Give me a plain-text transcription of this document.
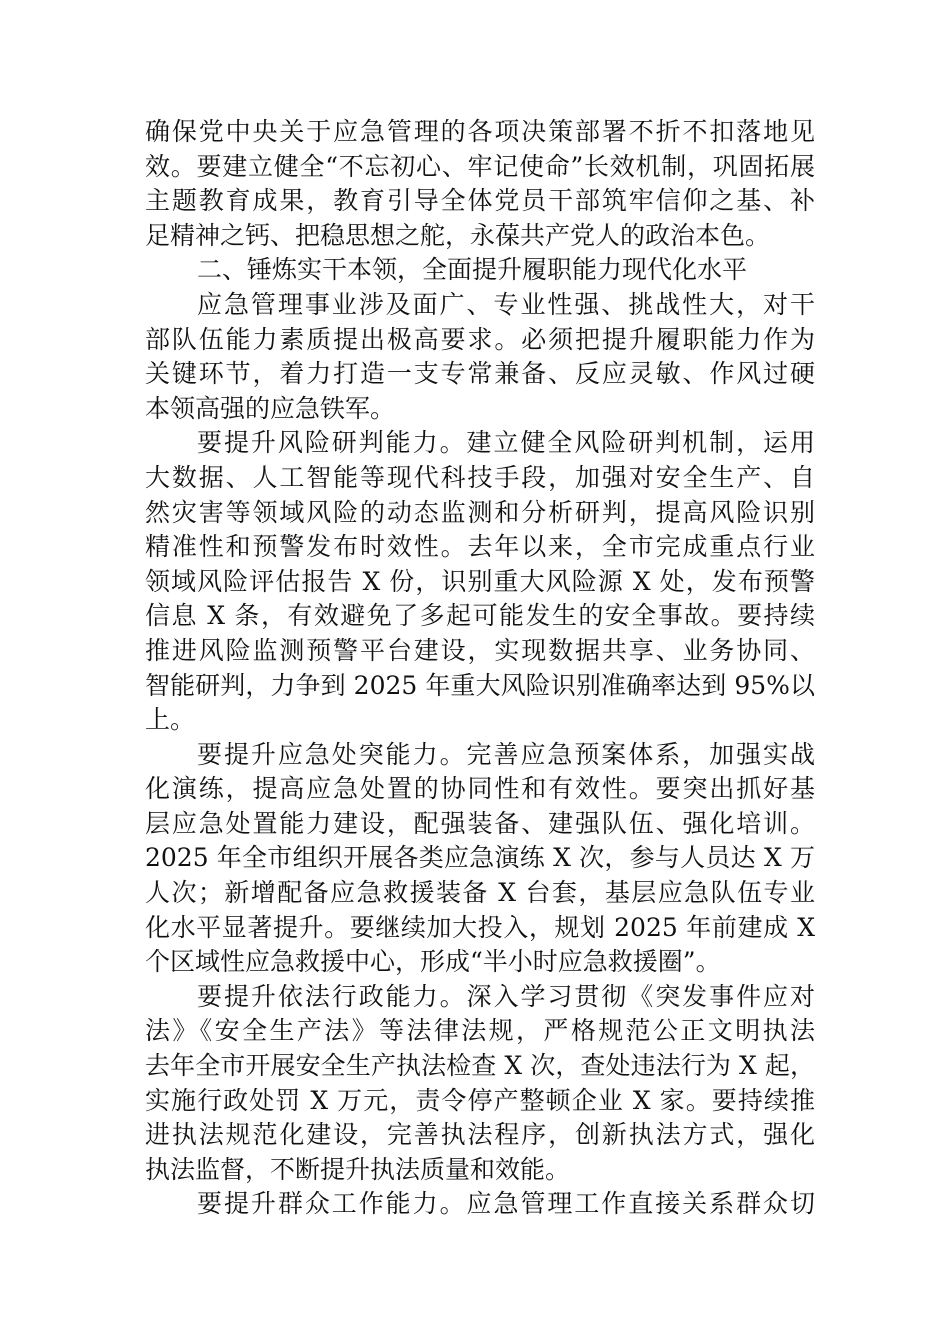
确保党中央关于应急管理的各项决策部署不折不扣落地见
效。要建立健全“不忘初心、牢记使命”长效机制，巩固拓展
主题教育成果，教育引导全体党员干部筑牢信仰之基、补
足精神之钙、把稳思想之舵，永葆共产党人的政治本色。
二、锤炼实干本领，全面提升履职能力现代化水平
应急管理事业涉及面广、专业性强、挑战性大，对干
部队伍能力素质提出极高要求。必须把提升履职能力作为
关键环节，着力打造一支专常兼备、反应灵敏、作风过硬
本领高强的应急铁军。
要提升风险研判能力。建立健全风险研判机制，运用
大数据、人工智能等现代科技手段，加强对安全生产、自
然灾害等领域风险的动态监测和分析研判，提高风险识别
精准性和预警发布时效性。去年以来，全市完成重点行业
领域风险评估报告 X 份，识别重大风险源 X 处，发布预警
信息 X 条，有效避免了多起可能发生的安全事故。要持续
推进风险监测预警平台建设，实现数据共享、业务协同、
智能研判，力争到 2025 年重大风险识别准确率达到 95%以
上。
要提升应急处突能力。完善应急预案体系，加强实战
化演练，提高应急处置的协同性和有效性。要突出抓好基
层应急处置能力建设，配强装备、建强队伍、强化培训。
2025 年全市组织开展各类应急演练 X 次，参与人员达 X 万
人次；新增配备应急救援装备 X 台套，基层应急队伍专业
化水平显著提升。要继续加大投入，规划 2025 年前建成 X
个区域性应急救援中心，形成“半小时应急救援圈”。
要提升依法行政能力。深入学习贯彻《突发事件应对
法》《安全生产法》等法律法规，严格规范公正文明执法
去年全市开展安全生产执法检查 X 次，查处违法行为 X 起，
实施行政处罚 X 万元，责令停产整顿企业 X 家。要持续推
进执法规范化建设，完善执法程序，创新执法方式，强化
执法监督，不断提升执法质量和效能。
要提升群众工作能力。应急管理工作直接关系群众切
